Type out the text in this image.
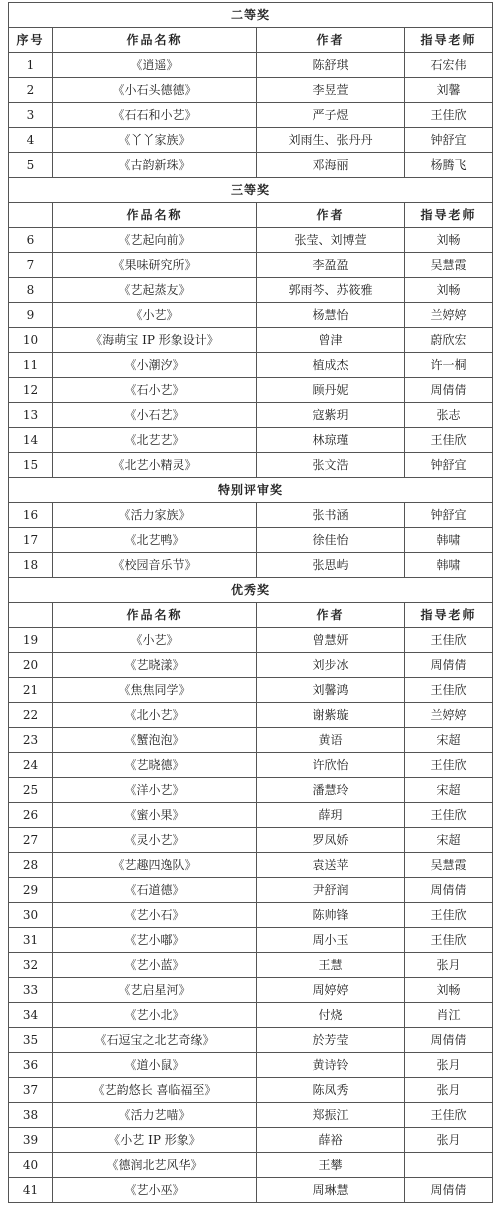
二等奖			
序号	作品名称	作者	指导老师
1	《逍遥》	陈舒琪	石宏伟
2	《小石头德德》	李昱萱	刘馨
3	《石石和小艺》	严子煜	王佳欣
4	《丫丫家族》	刘雨生、张丹丹	钟舒宜
5	《古韵新珠》	邓海丽	杨腾飞
三等奖			
	作品名称	作者	指导老师
6	《艺起向前》	张莹、刘博萱	刘畅
7	《果味研究所》	李盈盈	吴慧霞
8	《艺起蒸友》	郭雨芩、苏筱雅	刘畅
9	《小艺》	杨慧怡	兰婷婷
10	《海萌宝 IP 形象设计》	曾津	蔚欣宏
11	《小潮汐》	植成杰	许一桐
12	《石小艺》	顾丹妮	周倩倩
13	《小石艺》	寇紫玥	张志
14	《北艺艺》	林琼瑾	王佳欣
15	《北艺小精灵》	张文浩	钟舒宜
特别评审奖			
16	《活力家族》	张书涵	钟舒宜
17	《北艺鸭》	徐佳怡	韩啸
18	《校园音乐节》	张思屿	韩啸
优秀奖			
	作品名称	作者	指导老师
19	《小艺》	曾慧妍	王佳欣
20	《艺晓漾》	刘步冰	周倩倩
21	《焦焦同学》	刘馨鸿	王佳欣
22	《北小艺》	谢紫璇	兰婷婷
23	《蟹泡泡》	黄语	宋超
24	《艺晓德》	许欣怡	王佳欣
25	《洋小艺》	潘慧玲	宋超
26	《蜜小果》	薛玥	王佳欣
27	《灵小艺》	罗凤娇	宋超
28	《艺趣四逸队》	袁送苹	吴慧霞
29	《石道德》	尹舒润	周倩倩
30	《艺小石》	陈帅锋	王佳欣
31	《艺小嘟》	周小玉	王佳欣
32	《艺小蓝》	王慧	张月
33	《艺启星河》	周婷婷	刘畅
34	《艺小北》	付烧	肖江
35	《石逗宝之北艺奇缘》	於芳莹	周倩倩
36	《道小鼠》	黄诗铃	张月
37	《艺韵悠长 喜临福至》	陈凤秀	张月
38	《活力艺喵》	郑振江	王佳欣
39	《小艺 IP 形象》	薛裕	张月
40	《德润北艺风华》	王攀	
41	《艺小巫》	周琳慧	周倩倩
